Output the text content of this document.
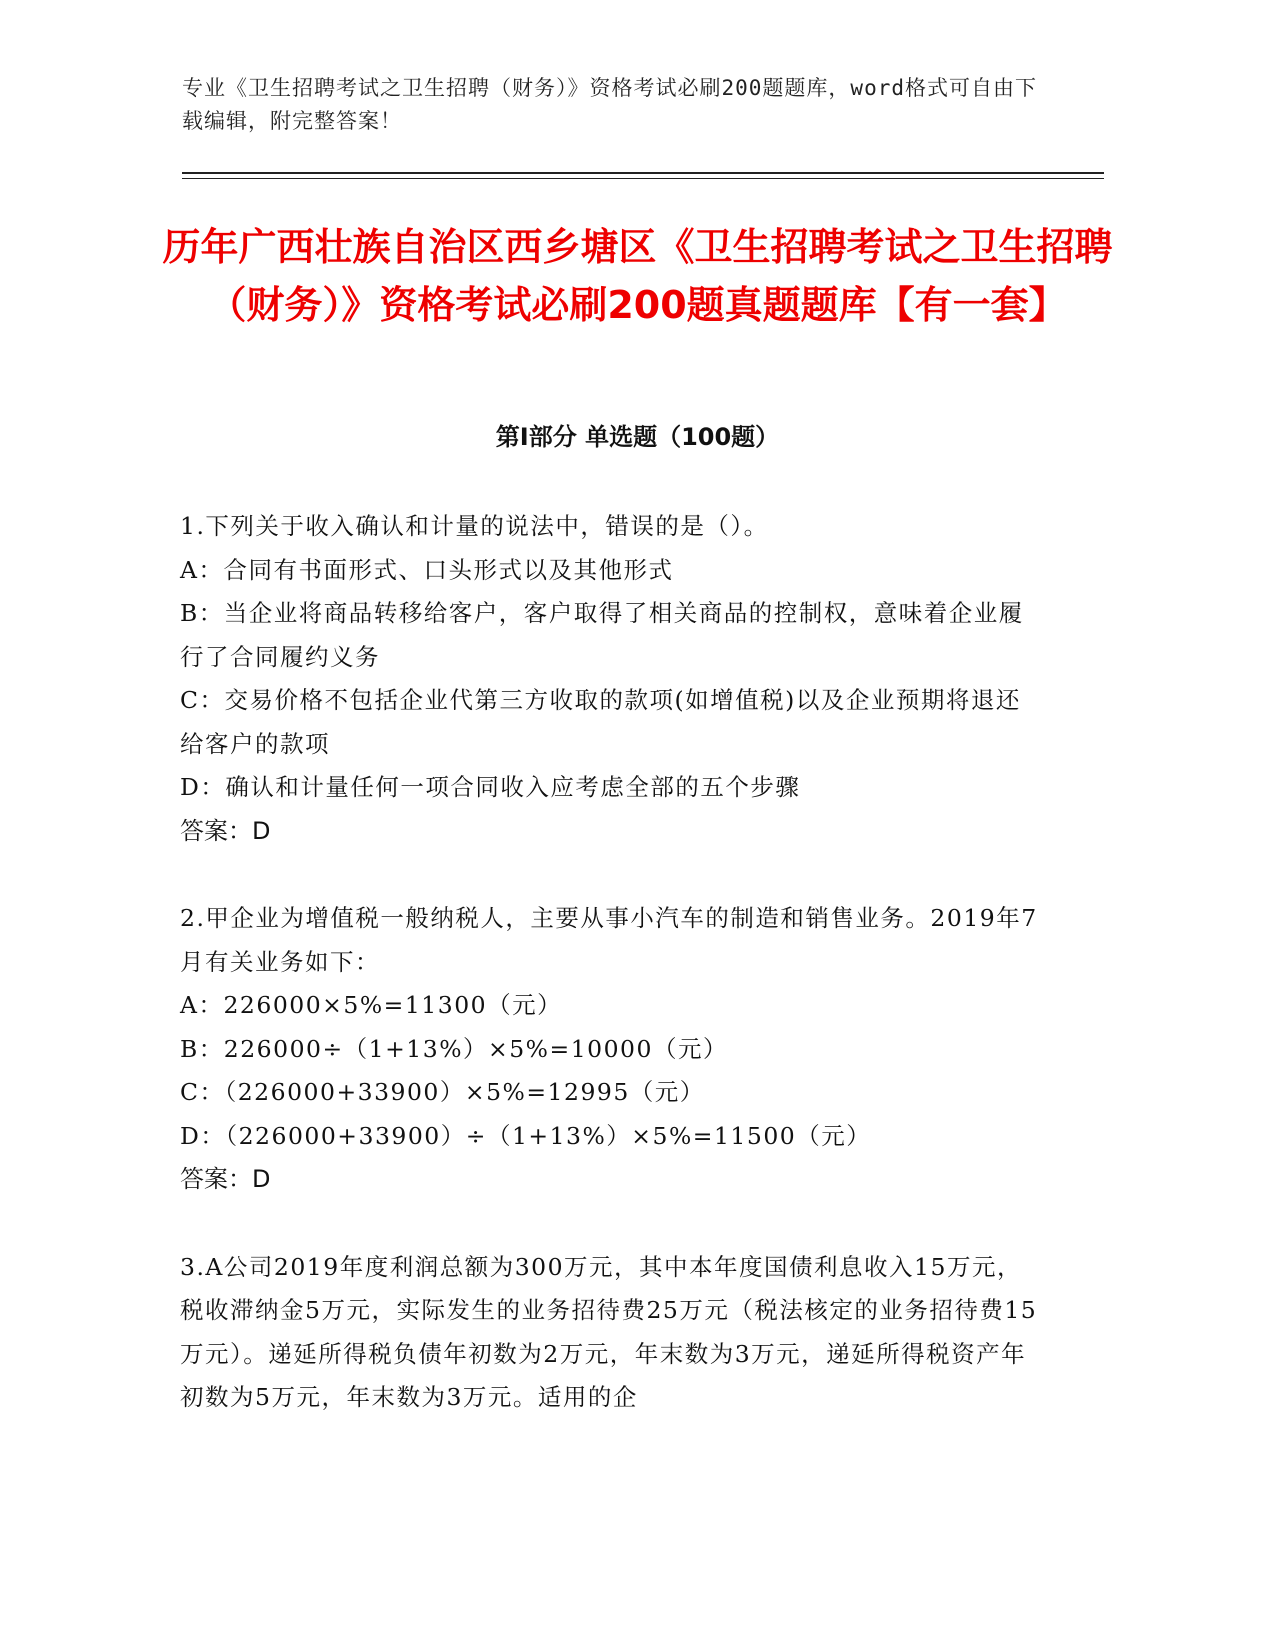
专业《卫生招聘考试之卫生招聘（财务）》资格考试必刷200题题库，word格式可自由下载编辑，附完整答案！
历年广西壮族自治区西乡塘区《卫生招聘考试之卫生招聘（财务）》资格考试必刷200题真题题库【有一套】
第Ⅰ部分 单选题（100题）
1.下列关于收入确认和计量的说法中，错误的是（）。
A：合同有书面形式、口头形式以及其他形式
B：当企业将商品转移给客户，客户取得了相关商品的控制权，意味着企业履行了合同履约义务
C：交易价格不包括企业代第三方收取的款项(如增值税)以及企业预期将退还给客户的款项
D：确认和计量任何一项合同收入应考虑全部的五个步骤
答案：D
2.甲企业为增值税一般纳税人，主要从事小汽车的制造和销售业务。2019年7月有关业务如下：
A：226000×5%=11300（元）
B：226000÷（1+13%）×5%=10000（元）
C：（226000+33900）×5%=12995（元）
D：（226000+33900）÷（1+13%）×5%=11500（元）
答案：D
3.A公司2019年度利润总额为300万元，其中本年度国债利息收入15万元，税收滞纳金5万元，实际发生的业务招待费25万元（税法核定的业务招待费15万元）。递延所得税负债年初数为2万元，年末数为3万元，递延所得税资产年初数为5万元，年末数为3万元。适用的企
